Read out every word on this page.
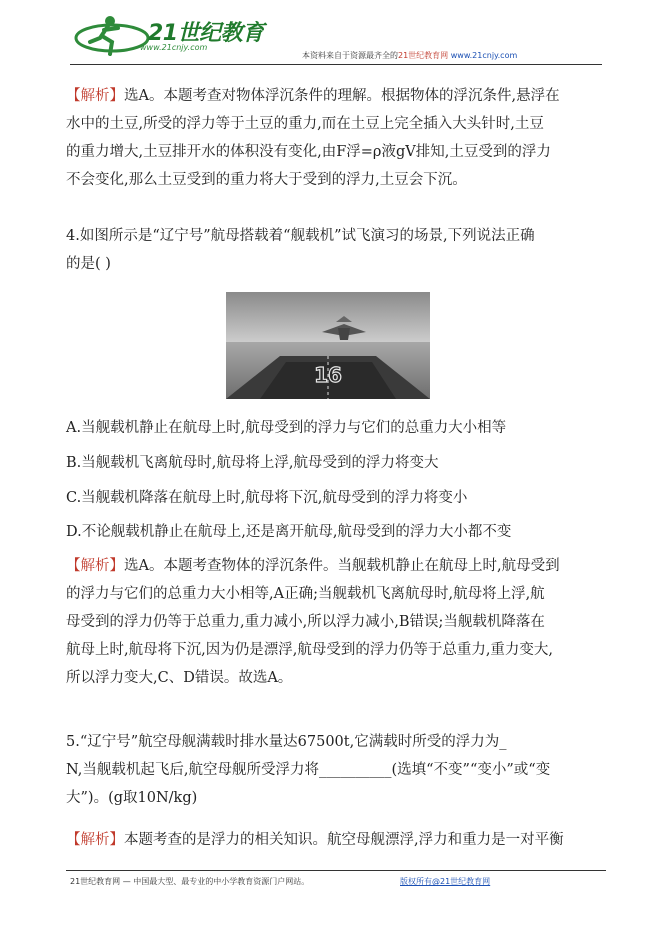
21世纪教育
www.21cnjy.com
本资料来自于资源最齐全的21世纪教育网 www.21cnjy.com
【解析】选A。本题考查对物体浮沉条件的理解。根据物体的浮沉条件,悬浮在
水中的土豆,所受的浮力等于土豆的重力,而在土豆上完全插入大头针时,土豆
的重力增大,土豆排开水的体积没有变化,由F浮=ρ液gV排知,土豆受到的浮力
不会变化,那么土豆受到的重力将大于受到的浮力,土豆会下沉。
4.如图所示是“辽宁号”航母搭载着“舰载机”试飞演习的场景,下列说法正确
的是( )
16
A.当舰载机静止在航母上时,航母受到的浮力与它们的总重力大小相等
B.当舰载机飞离航母时,航母将上浮,航母受到的浮力将变大
C.当舰载机降落在航母上时,航母将下沉,航母受到的浮力将变小
D.不论舰载机静止在航母上,还是离开航母,航母受到的浮力大小都不变
【解析】选A。本题考查物体的浮沉条件。当舰载机静止在航母上时,航母受到
的浮力与它们的总重力大小相等,A正确;当舰载机飞离航母时,航母将上浮,航
母受到的浮力仍等于总重力,重力减小,所以浮力减小,B错误;当舰载机降落在
航母上时,航母将下沉,因为仍是漂浮,航母受到的浮力仍等于总重力,重力变大,
所以浮力变大,C、D错误。故选A。
5.“辽宁号”航空母舰满载时排水量达67500t,它满载时所受的浮力为_
N,当舰载机起飞后,航空母舰所受浮力将__________(选填“不变”“变小”或“变
大”)。(g取10N/kg)
【解析】本题考查的是浮力的相关知识。航空母舰漂浮,浮力和重力是一对平衡
21世纪教育网 — 中国最大型、最专业的中小学教育资源门户网站。	版权所有@21世纪教育网
